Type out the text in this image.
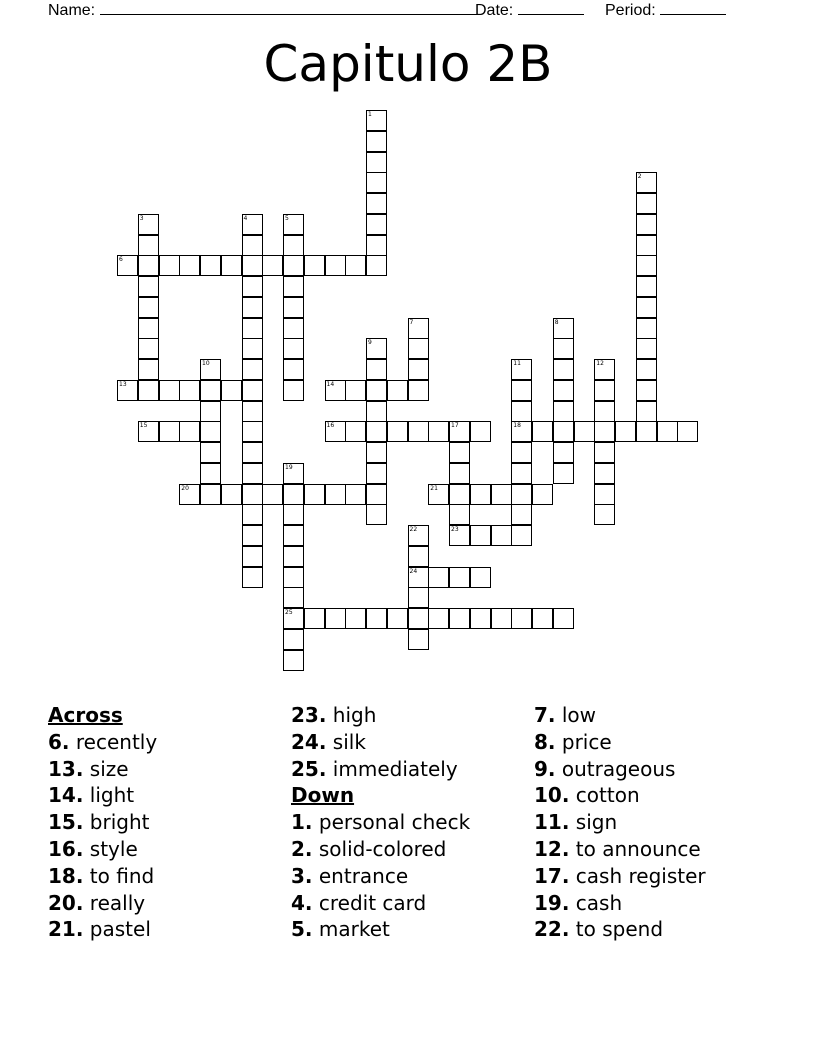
Name:	Date:	Period:
Capitulo 2B
1
2
3	4	5
6
7	8
9
10	11	12
13	14
15	16	17	18
19
20	21
22	23
24
25
Across
6. recently
13. size
14. light
15. bright
16. style
18. to find
20. really
21. pastel
23. high
24. silk
25. immediately
Down
1. personal check
2. solid-colored
3. entrance
4. credit card
5. market
7. low
8. price
9. outrageous
10. cotton
11. sign
12. to announce
17. cash register
19. cash
22. to spend
